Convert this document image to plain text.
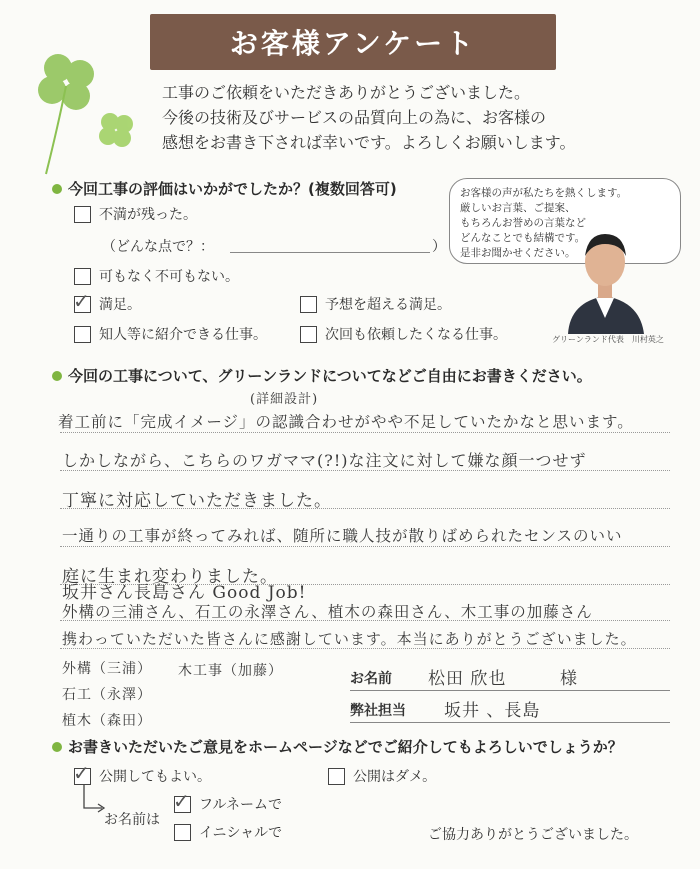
お客様アンケート
工事のご依頼をいただきありがとうございました。
今後の技術及びサービスの品質向上の為に、お客様の
感想をお書き下されば幸いです。よろしくお願いします。
今回工事の評価はいかがでしたか？(複数回答可)
不満が残った。
（どんな点で？：	）
可もなく不可もない。
✓ 満足。	予想を超える満足。
知人等に紹介できる仕事。	次回も依頼したくなる仕事。
お客様の声が私たちを熱くします。
厳しいお言葉、ご提案、
もちろんお誉めの言葉など
どんなことでも結構です。
是非お聞かせください。
グリーンランド代表　川村英之
今回の工事について、グリーンランドについてなどご自由にお書きください。
(詳細設計)
着工前に「完成イメージ」の認識合わせがやや不足していたかなと思います。
しかしながら、こちらのワガママ(?!)な注文に対して嫌な顔一つせず
丁寧に対応していただきました。
一通りの工事が終ってみれば、随所に職人技が散りばめられたセンスのいい
庭に生まれ変わりました。
坂井さん長島さん Good Job!
外構の三浦さん、石工の永澤さん、植木の森田さん、木工事の加藤さん
携わっていただいた皆さんに感謝しています。本当にありがとうございました。
外構（三浦） 木工事（加藤）
石工（永澤）
植木（森田）
お名前 松田 欣也	様
弊社担当 坂井 、長島
お書きいただいたご意見をホームページなどでご紹介してもよろしいでしょうか？
✓ 公開してもよい。	公開はダメ。
お名前は
✓ フルネームで
イニシャルで	ご協力ありがとうございました。
